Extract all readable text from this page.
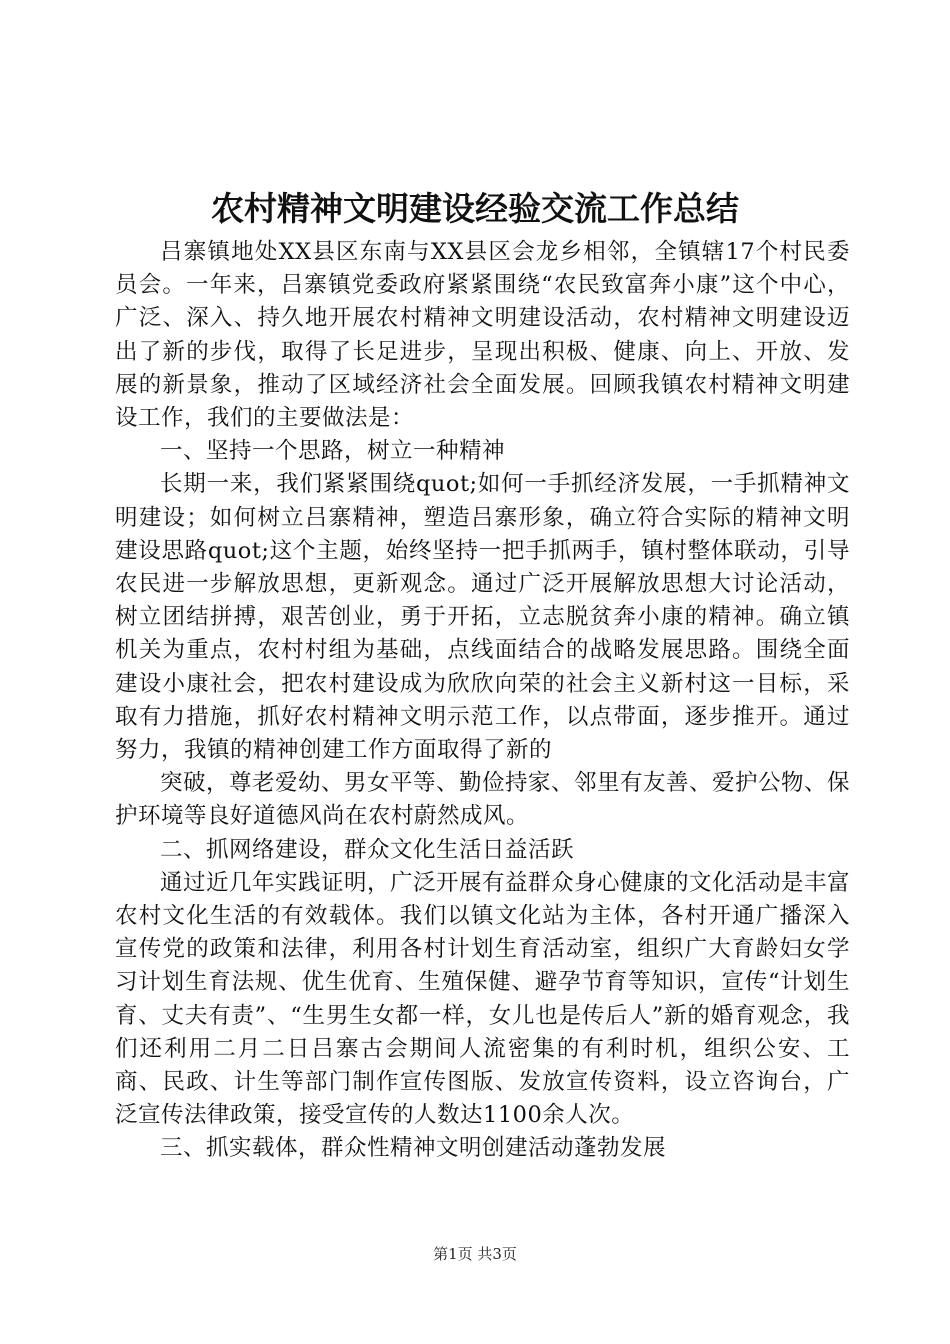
农村精神文明建设经验交流工作总结

吕寨镇地处XX县区东南与XX县区会龙乡相邻，全镇辖17个村民委员会。一年来，吕寨镇党委政府紧紧围绕“农民致富奔小康”这个中心，广泛、深入、持久地开展农村精神文明建设活动，农村精神文明建设迈出了新的步伐，取得了长足进步，呈现出积极、健康、向上、开放、发展的新景象，推动了区域经济社会全面发展。回顾我镇农村精神文明建设工作，我们的主要做法是：

一、坚持一个思路，树立一种精神

长期一来，我们紧紧围绕quot;如何一手抓经济发展，一手抓精神文明建设；如何树立吕寨精神，塑造吕寨形象，确立符合实际的精神文明建设思路quot;这个主题，始终坚持一把手抓两手，镇村整体联动，引导农民进一步解放思想，更新观念。通过广泛开展解放思想大讨论活动，树立团结拼搏，艰苦创业，勇于开拓，立志脱贫奔小康的精神。确立镇机关为重点，农村村组为基础，点线面结合的战略发展思路。围绕全面建设小康社会，把农村建设成为欣欣向荣的社会主义新村这一目标，采取有力措施，抓好农村精神文明示范工作，以点带面，逐步推开。通过努力，我镇的精神创建工作方面取得了新的

突破，尊老爱幼、男女平等、勤俭持家、邻里有友善、爱护公物、保护环境等良好道德风尚在农村蔚然成风。

二、抓网络建设，群众文化生活日益活跃

通过近几年实践证明，广泛开展有益群众身心健康的文化活动是丰富农村文化生活的有效载体。我们以镇文化站为主体，各村开通广播深入宣传党的政策和法律，利用各村计划生育活动室，组织广大育龄妇女学习计划生育法规、优生优育、生殖保健、避孕节育等知识，宣传“计划生育、丈夫有责”、“生男生女都一样，女儿也是传后人”新的婚育观念，我们还利用二月二日吕寨古会期间人流密集的有利时机，组织公安、工商、民政、计生等部门制作宣传图版、发放宣传资料，设立咨询台，广泛宣传法律政策，接受宣传的人数达1100余人次。

三、抓实载体，群众性精神文明创建活动蓬勃发展

第1页 共3页
